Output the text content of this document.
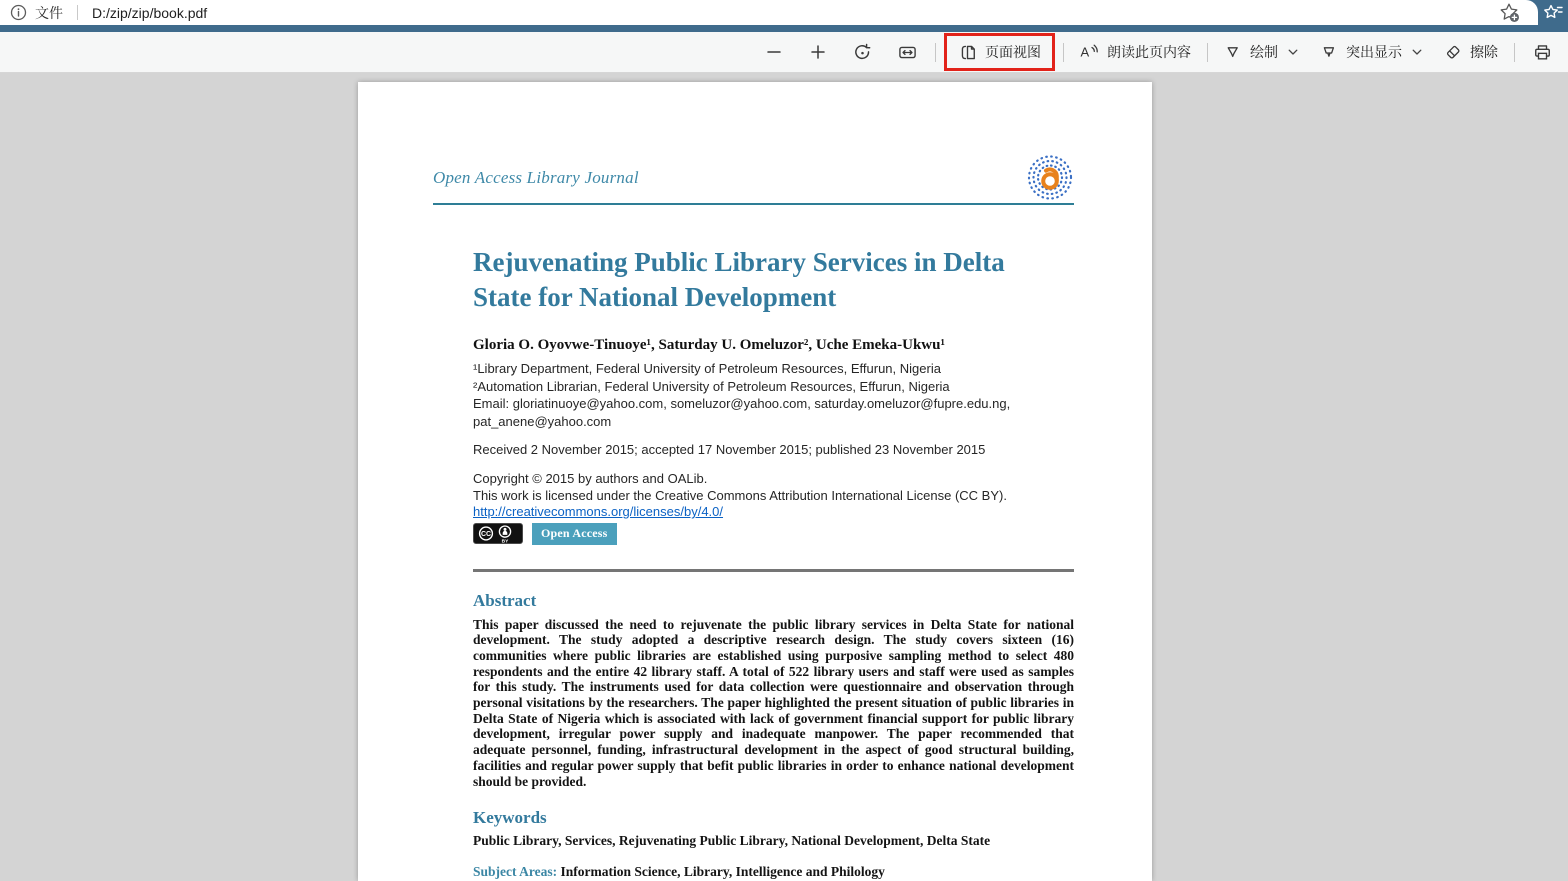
文件 D:/zip/zip/book.pdf
页面视图	A 朗读此页内容	绘制	突出显示	擦除
Open Access Library Journal
Rejuvenating Public Library Services in Delta State for National Development
Gloria O. Oyovwe-Tinuoye¹, Saturday U. Omeluzor², Uche Emeka-Ukwu¹
¹Library Department, Federal University of Petroleum Resources, Effurun, Nigeria
²Automation Librarian, Federal University of Petroleum Resources, Effurun, Nigeria
Email: gloriatinuoye@yahoo.com, someluzor@yahoo.com, saturday.omeluzor@fupre.edu.ng, pat_anene@yahoo.com
Received 2 November 2015; accepted 17 November 2015; published 23 November 2015
Copyright © 2015 by authors and OALib.
This work is licensed under the Creative Commons Attribution International License (CC BY).
http://creativecommons.org/licenses/by/4.0/
CC
BY
Open Access
Abstract

This paper discussed the need to rejuvenate the public library services in Delta State for national development. The study adopted a descriptive research design. The study covers sixteen (16) communities where public libraries are established using purposive sampling method to select 480 respondents and the entire 42 library staff. A total of 522 library users and staff were used as samples for this study. The instruments used for data collection were questionnaire and observation through personal visitations by the researchers. The paper highlighted the present situation of public libraries in Delta State of Nigeria which is associated with lack of government financial support for public library development, irregular power supply and inadequate manpower. The paper recommended that adequate personnel, funding, infrastructural development in the aspect of good structural building, facilities and regular power supply that befit public libraries in order to enhance national development should be provided.

Keywords
Public Library, Services, Rejuvenating Public Library, National Development, Delta State
Subject Areas: Information Science, Library, Intelligence and Philology
